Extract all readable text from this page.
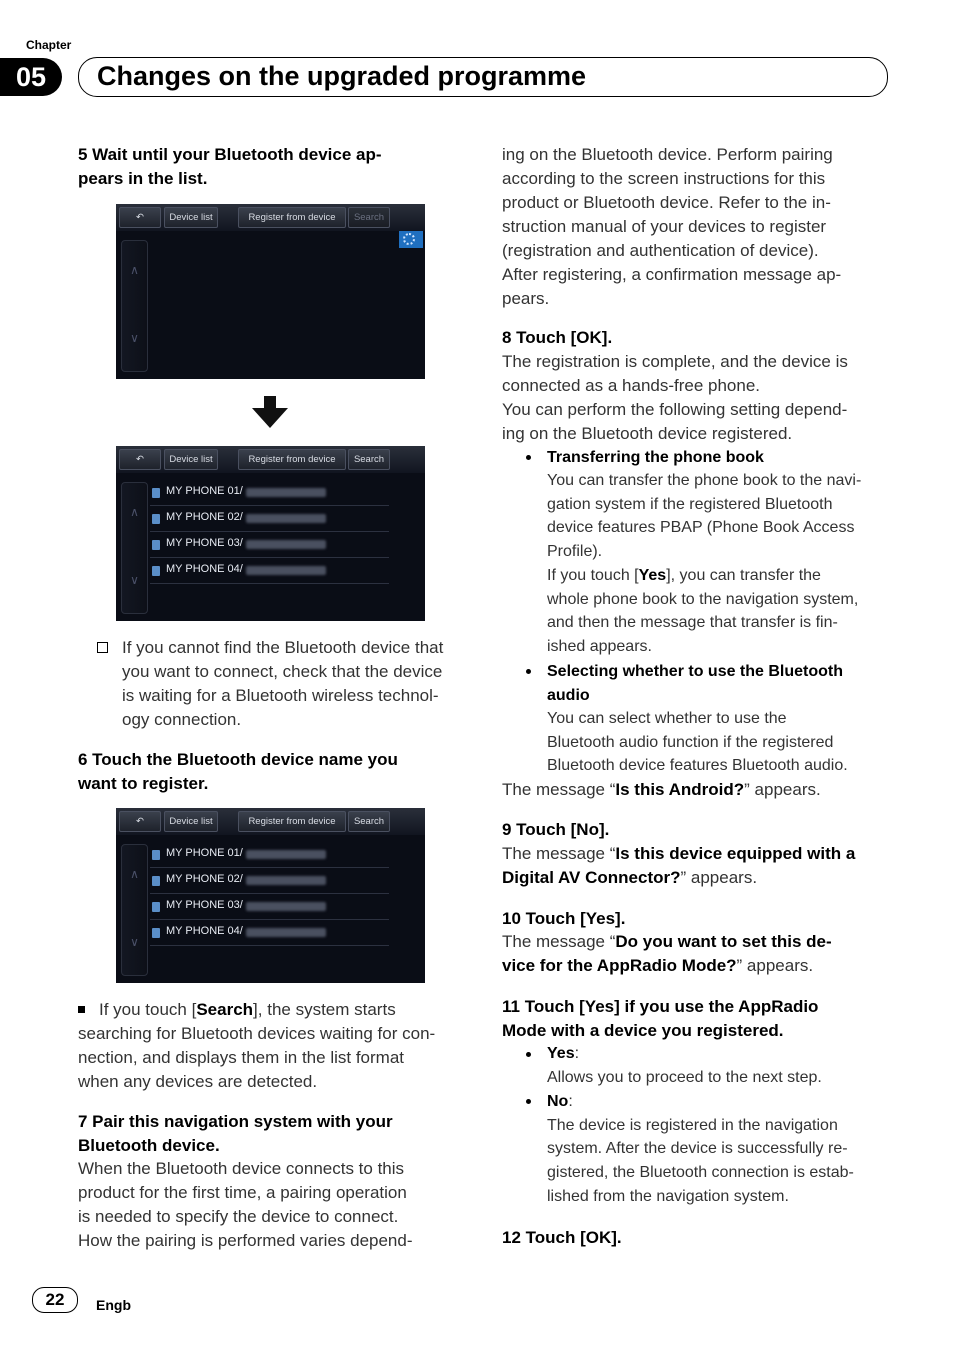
Chapter
05	Changes on the upgraded programme
5 Wait until your Bluetooth device ap-
pears in the list.
↶	Device list	Register from device	Search
∧
∨
↶	Device list	Register from device	Search
∧
∨
MY PHONE 01/
MY PHONE 02/
MY PHONE 03/
MY PHONE 04/
If you cannot find the Bluetooth device that
you want to connect, check that the device
is waiting for a Bluetooth wireless technol-
ogy connection.
6 Touch the Bluetooth device name you
want to register.
↶	Device list	Register from device	Search
∧
∨
MY PHONE 01/
MY PHONE 02/
MY PHONE 03/
MY PHONE 04/
If you touch [Search], the system starts
searching for Bluetooth devices waiting for con-
nection, and displays them in the list format
when any devices are detected.
7 Pair this navigation system with your
Bluetooth device.
When the Bluetooth device connects to this
product for the first time, a pairing operation
is needed to specify the device to connect.
How the pairing is performed varies depend-
ing on the Bluetooth device. Perform pairing
according to the screen instructions for this
product or Bluetooth device. Refer to the in-
struction manual of your devices to register
(registration and authentication of device).
After registering, a confirmation message ap-
pears.
8 Touch [OK].
The registration is complete, and the device is
connected as a hands-free phone.
You can perform the following setting depend-
ing on the Bluetooth device registered.
Transferring the phone book
You can transfer the phone book to the navi-
gation system if the registered Bluetooth
device features PBAP (Phone Book Access
Profile).
If you touch [Yes], you can transfer the
whole phone book to the navigation system,
and then the message that transfer is fin-
ished appears.
Selecting whether to use the Bluetooth
audio
You can select whether to use the
Bluetooth audio function if the registered
Bluetooth device features Bluetooth audio.
The message “Is this Android?” appears.
9 Touch [No].
The message “Is this device equipped with a
Digital AV Connector?” appears.
10 Touch [Yes].
The message “Do you want to set this de-
vice for the AppRadio Mode?” appears.
11 Touch [Yes] if you use the AppRadio
Mode with a device you registered.
Yes:
Allows you to proceed to the next step.
No:
The device is registered in the navigation
system. After the device is successfully re-
gistered, the Bluetooth connection is estab-
lished from the navigation system.
12 Touch [OK].
22	Engb
